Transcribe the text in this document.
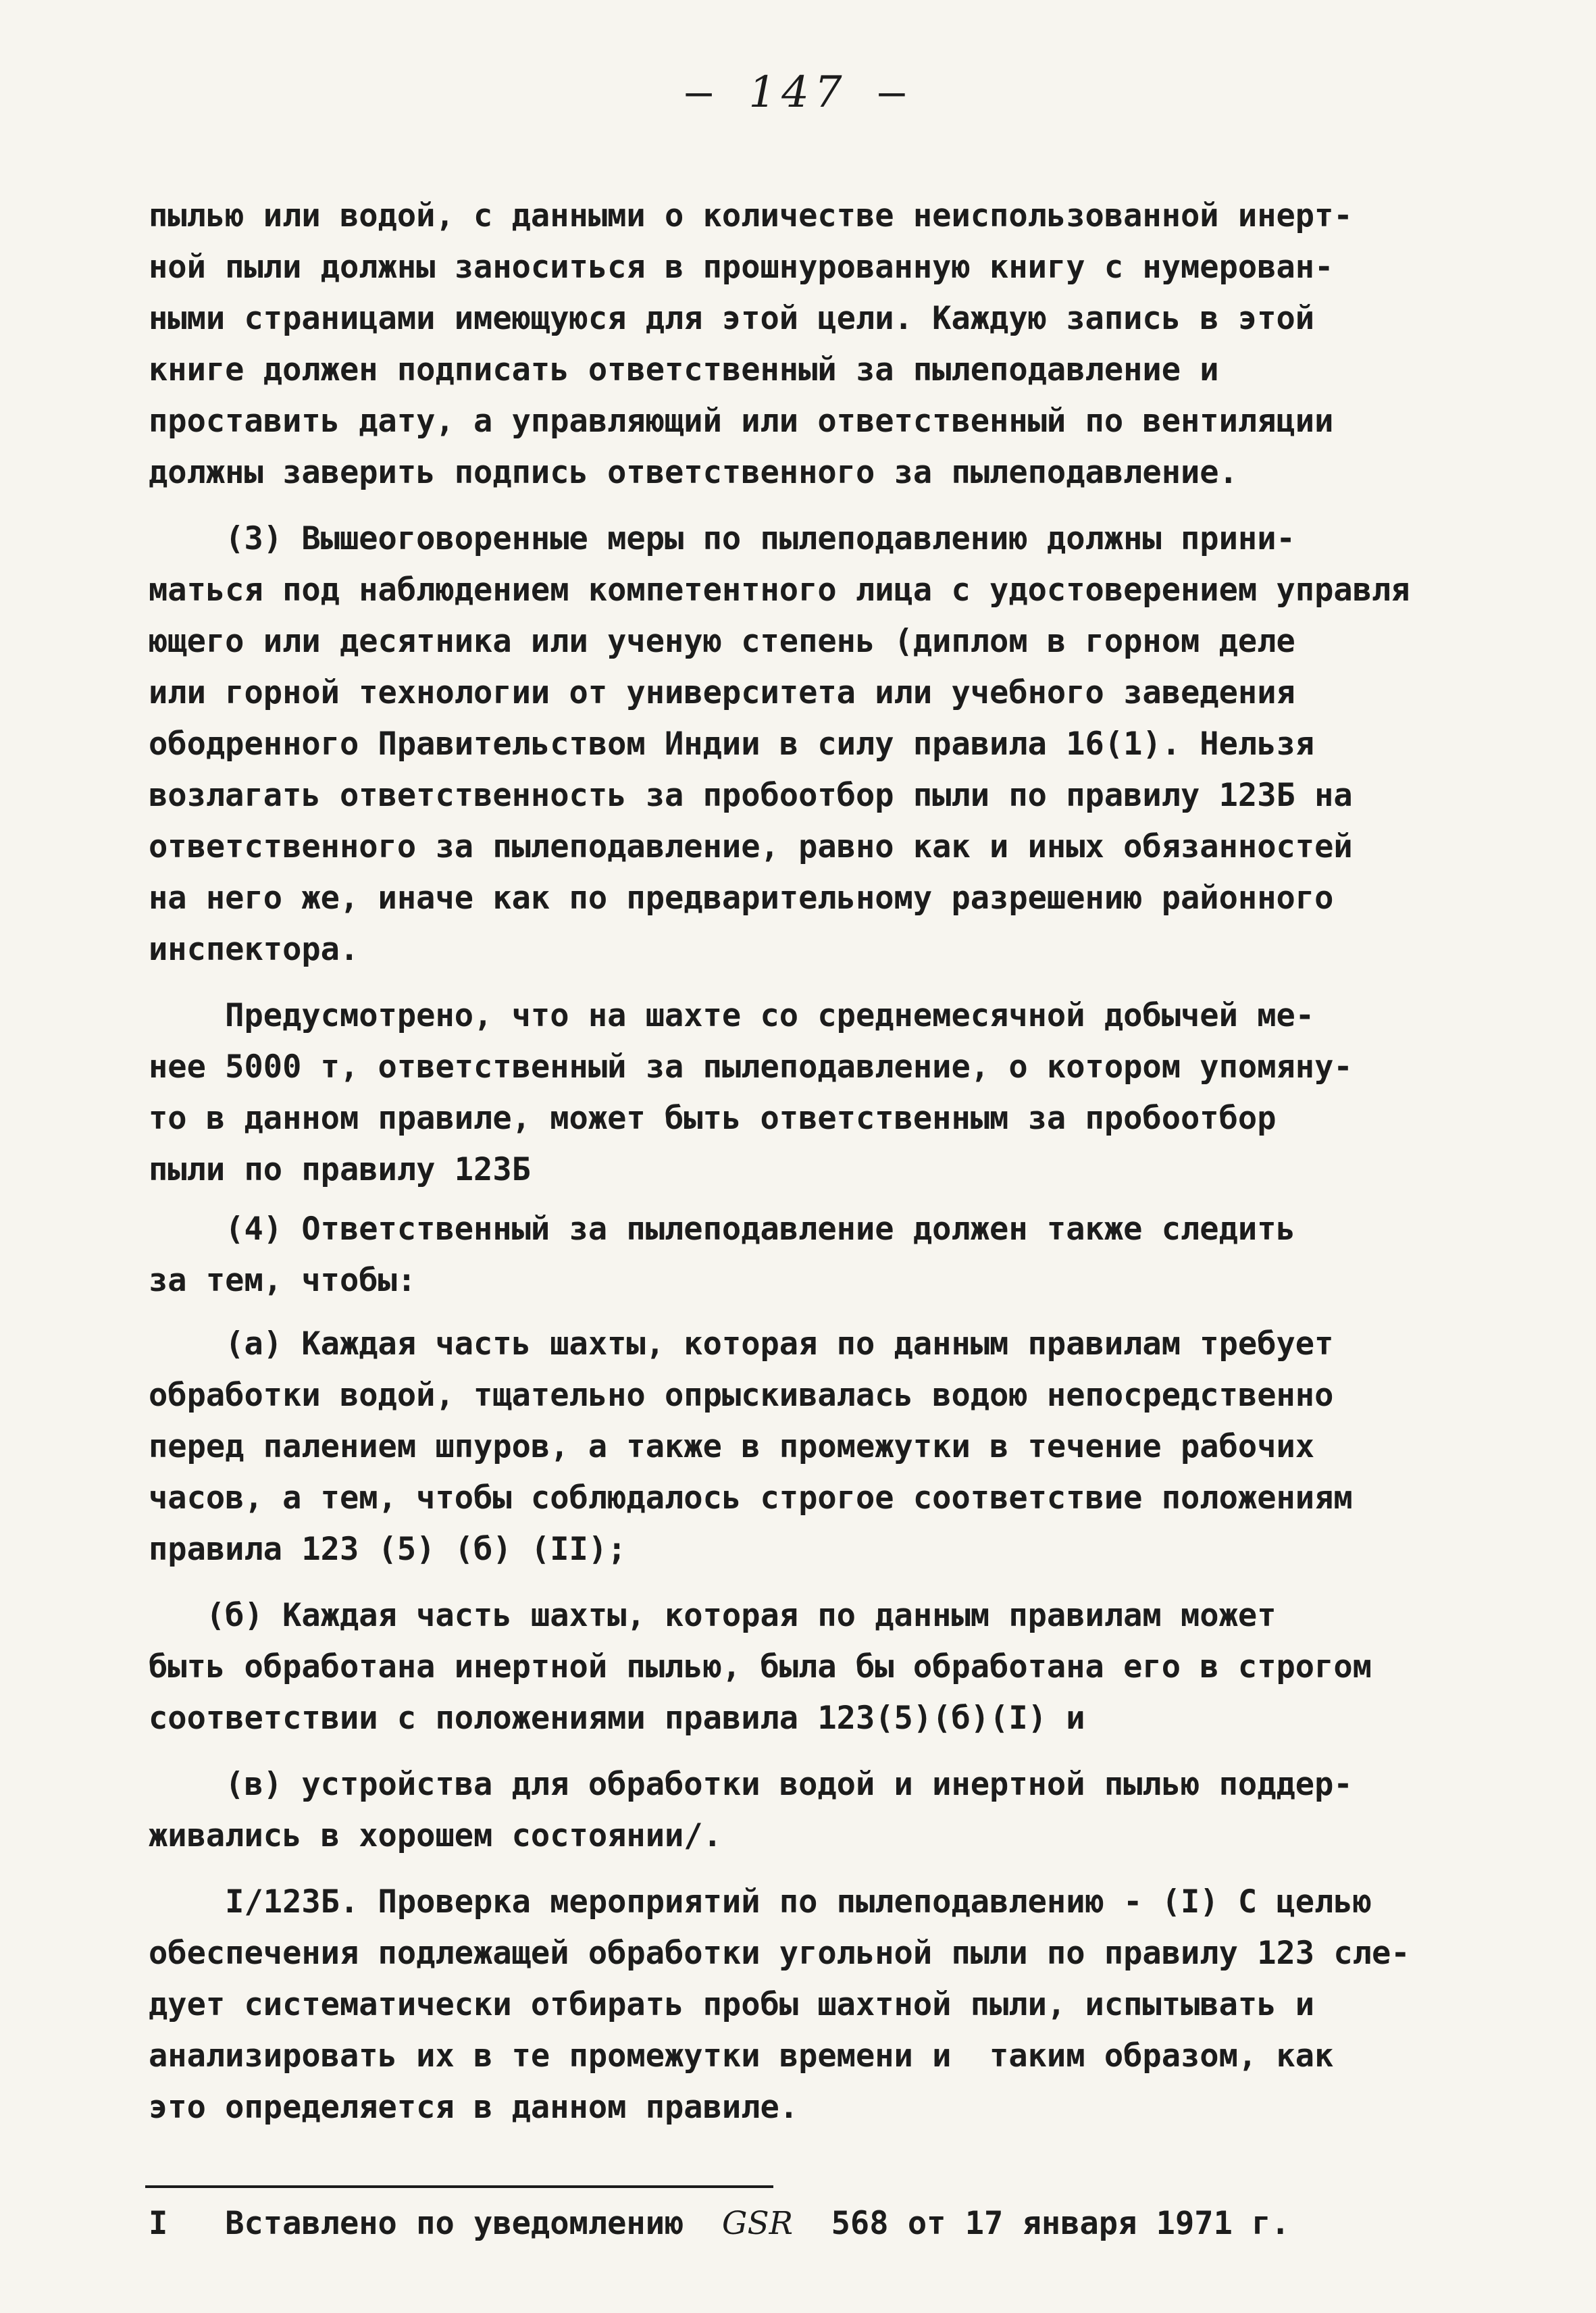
– 147 –
пылью или водой, с данными о количестве неиспользованной инерт-
ной пыли должны заноситься в прошнурованную книгу с нумерован-
ными страницами имеющуюся для этой цели. Каждую запись в этой
книге должен подписать ответственный за пылеподавление и
проставить дату, а управляющий или ответственный по вентиляции
должны заверить подпись ответственного за пылеподавление.
(3) Вышеоговоренные меры по пылеподавлению должны прини-
маться под наблюдением компетентного лица с удостоверением управля
ющего или десятника или ученую степень (диплом в горном деле
или горной технологии от университета или учебного заведения
ободренного Правительством Индии в силу правила 16(1). Нельзя
возлагать ответственность за пробоотбор пыли по правилу 123Б на
ответственного за пылеподавление, равно как и иных обязанностей
на него же, иначе как по предварительному разрешению районного
инспектора.
Предусмотрено, что на шахте со среднемесячной добычей ме-
нее 5000 т, ответственный за пылеподавление, о котором упомяну-
то в данном правиле, может быть ответственным за пробоотбор
пыли по правилу 123Б
(4) Ответственный за пылеподавление должен также следить
за тем, чтобы:
(а) Каждая часть шахты, которая по данным правилам требует
обработки водой, тщательно опрыскивалась водою непосредственно
перед палением шпуров, а также в промежутки в течение рабочих
часов, а тем, чтобы соблюдалось строгое соответствие положениям
правила 123 (5) (б) (II);
(б) Каждая часть шахты, которая по данным правилам может
быть обработана инертной пылью, была бы обработана его в строгом
соответствии с положениями правила 123(5)(б)(I) и
(в) устройства для обработки водой и инертной пылью поддер-
живались в хорошем состоянии/.
I/123Б. Проверка мероприятий по пылеподавлению - (I) С целью
обеспечения подлежащей обработки угольной пыли по правилу 123 сле-
дует систематически отбирать пробы шахтной пыли, испытывать и
анализировать их в те промежутки времени и  таким образом, как
это определяется в данном правиле.
I Вставлено по уведомлению GSR 568 от 17 января 1971 г.
